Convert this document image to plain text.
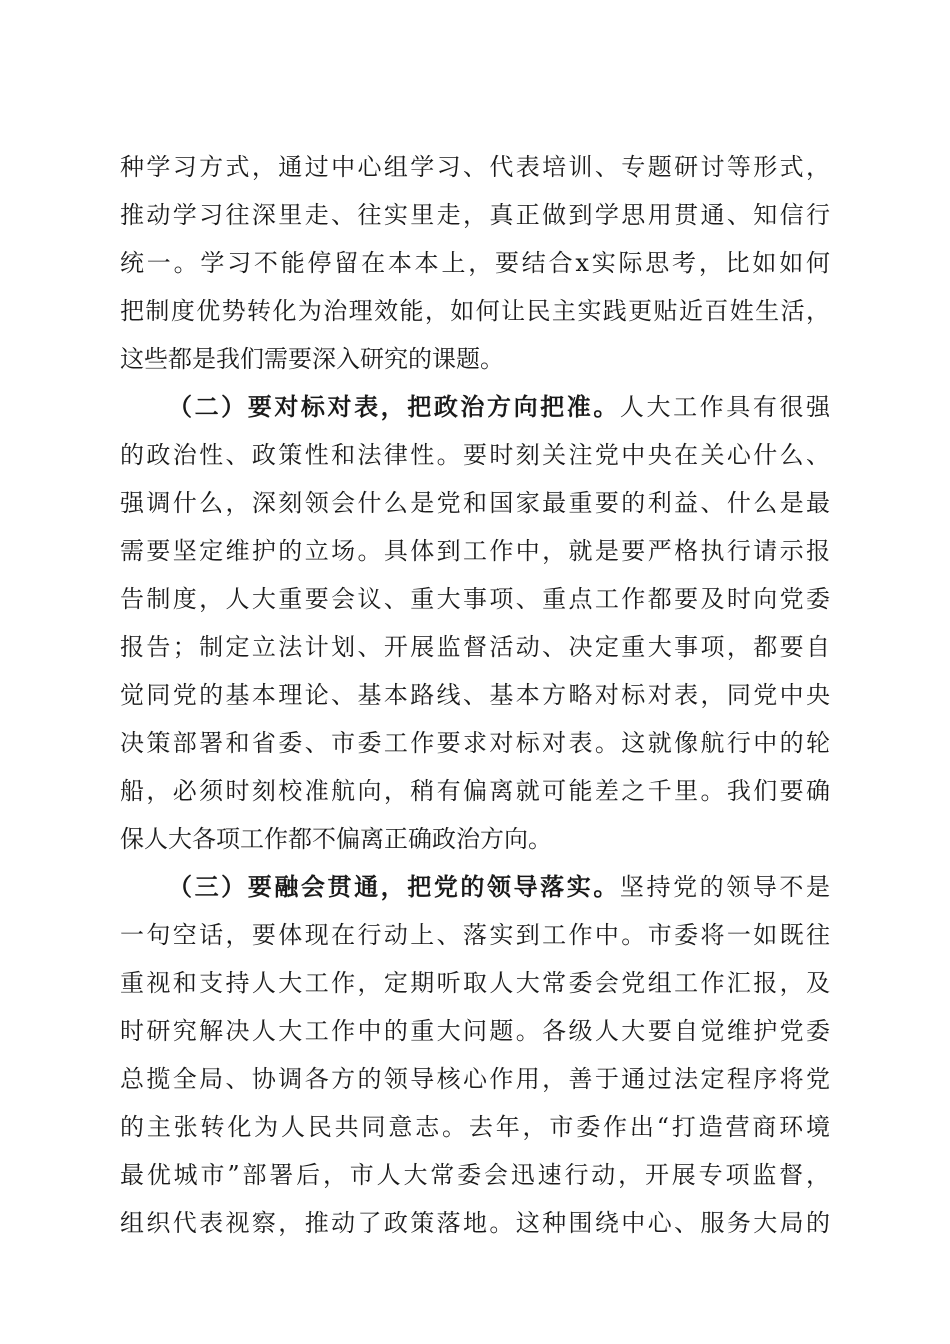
种学习方式，通过中心组学习、代表培训、专题研讨等形式，
推动学习往深里走、往实里走，真正做到学思用贯通、知信行
统一。学习不能停留在本本上，要结合x实际思考，比如如何
把制度优势转化为治理效能，如何让民主实践更贴近百姓生活，
这些都是我们需要深入研究的课题。
（二）要对标对表，把政治方向把准。人大工作具有很强
的政治性、政策性和法律性。要时刻关注党中央在关心什么、
强调什么，深刻领会什么是党和国家最重要的利益、什么是最
需要坚定维护的立场。具体到工作中，就是要严格执行请示报
告制度，人大重要会议、重大事项、重点工作都要及时向党委
报告；制定立法计划、开展监督活动、决定重大事项，都要自
觉同党的基本理论、基本路线、基本方略对标对表，同党中央
决策部署和省委、市委工作要求对标对表。这就像航行中的轮
船，必须时刻校准航向，稍有偏离就可能差之千里。我们要确
保人大各项工作都不偏离正确政治方向。
（三）要融会贯通，把党的领导落实。坚持党的领导不是
一句空话，要体现在行动上、落实到工作中。市委将一如既往
重视和支持人大工作，定期听取人大常委会党组工作汇报，及
时研究解决人大工作中的重大问题。各级人大要自觉维护党委
总揽全局、协调各方的领导核心作用，善于通过法定程序将党
的主张转化为人民共同意志。去年，市委作出“打造营商环境
最优城市”部署后，市人大常委会迅速行动，开展专项监督，
组织代表视察，推动了政策落地。这种围绕中心、服务大局的
